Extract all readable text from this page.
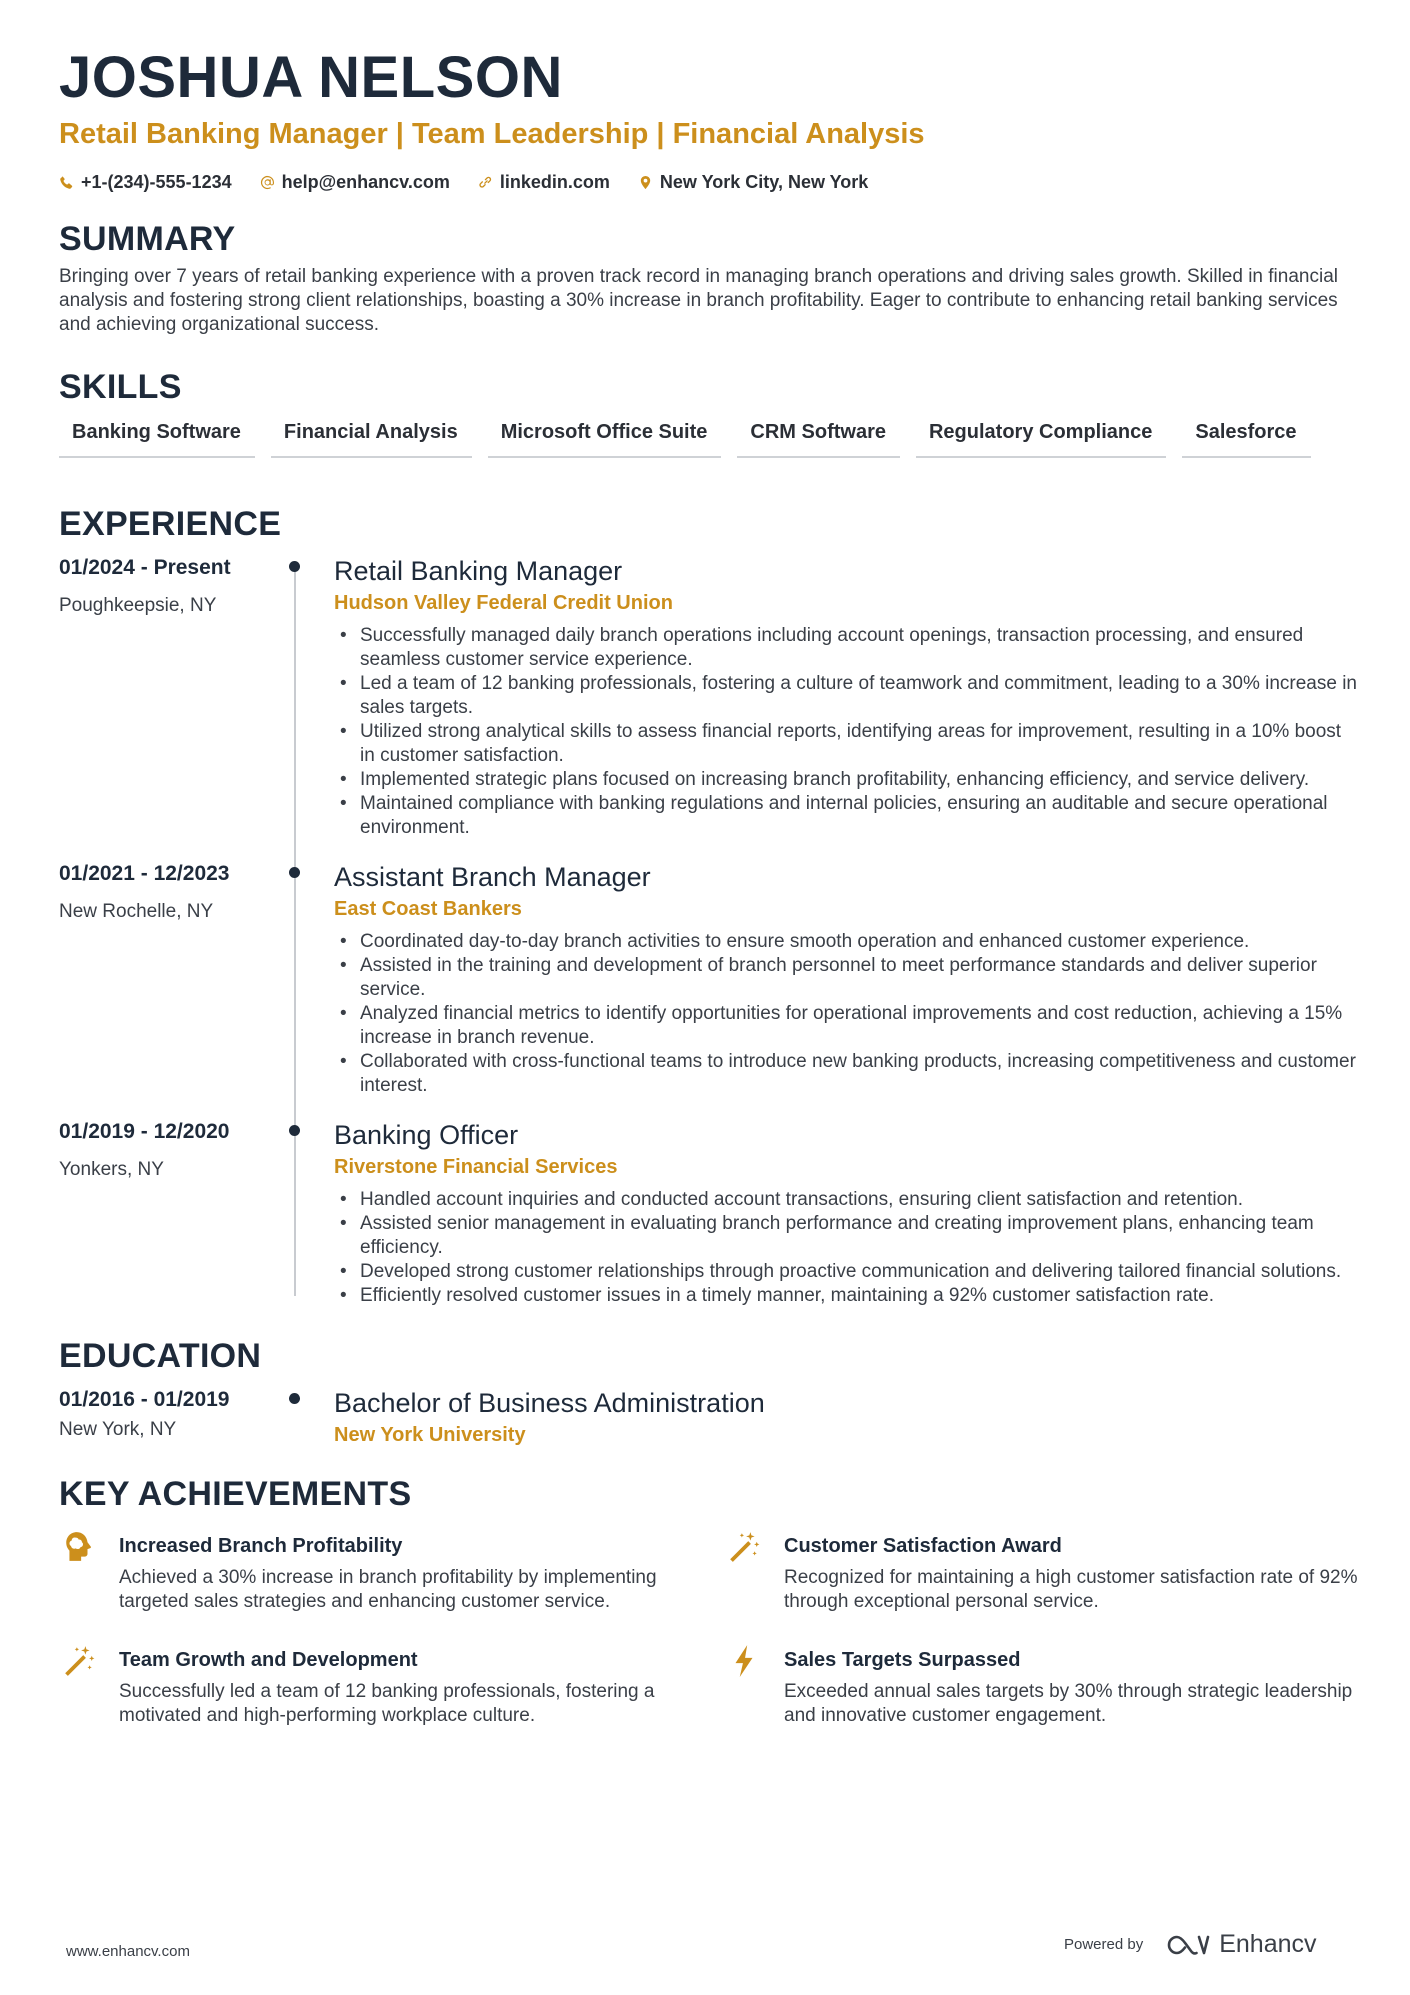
JOSHUA NELSON
Retail Banking Manager | Team Leadership | Financial Analysis
+1-(234)-555-1234	help@enhancv.com	linkedin.com	New York City, New York
SUMMARY
Bringing over 7 years of retail banking experience with a proven track record in managing branch operations and driving sales growth. Skilled in financial analysis and fostering strong client relationships, boasting a 30% increase in branch profitability. Eager to contribute to enhancing retail banking services and achieving organizational success.
SKILLS
Banking Software	Financial Analysis	Microsoft Office Suite	CRM Software	Regulatory Compliance	Salesforce
EXPERIENCE
01/2024 - Present
Poughkeepsie, NY
Retail Banking Manager
Hudson Valley Federal Credit Union
• Successfully managed daily branch operations including account openings, transaction processing, and ensured seamless customer service experience.
• Led a team of 12 banking professionals, fostering a culture of teamwork and commitment, leading to a 30% increase in sales targets.
• Utilized strong analytical skills to assess financial reports, identifying areas for improvement, resulting in a 10% boost in customer satisfaction.
• Implemented strategic plans focused on increasing branch profitability, enhancing efficiency, and service delivery.
• Maintained compliance with banking regulations and internal policies, ensuring an auditable and secure operational environment.
01/2021 - 12/2023
New Rochelle, NY
Assistant Branch Manager
East Coast Bankers
• Coordinated day-to-day branch activities to ensure smooth operation and enhanced customer experience.
• Assisted in the training and development of branch personnel to meet performance standards and deliver superior service.
• Analyzed financial metrics to identify opportunities for operational improvements and cost reduction, achieving a 15% increase in branch revenue.
• Collaborated with cross-functional teams to introduce new banking products, increasing competitiveness and customer interest.
01/2019 - 12/2020
Yonkers, NY
Banking Officer
Riverstone Financial Services
• Handled account inquiries and conducted account transactions, ensuring client satisfaction and retention.
• Assisted senior management in evaluating branch performance and creating improvement plans, enhancing team efficiency.
• Developed strong customer relationships through proactive communication and delivering tailored financial solutions.
• Efficiently resolved customer issues in a timely manner, maintaining a 92% customer satisfaction rate.
EDUCATION
01/2016 - 01/2019
New York, NY
Bachelor of Business Administration
New York University
KEY ACHIEVEMENTS
Increased Branch Profitability
Achieved a 30% increase in branch profitability by implementing targeted sales strategies and enhancing customer service.
Customer Satisfaction Award
Recognized for maintaining a high customer satisfaction rate of 92% through exceptional personal service.
Team Growth and Development
Successfully led a team of 12 banking professionals, fostering a motivated and high-performing workplace culture.
Sales Targets Surpassed
Exceeded annual sales targets by 30% through strategic leadership and innovative customer engagement.
www.enhancv.com	Powered by	Enhancv
